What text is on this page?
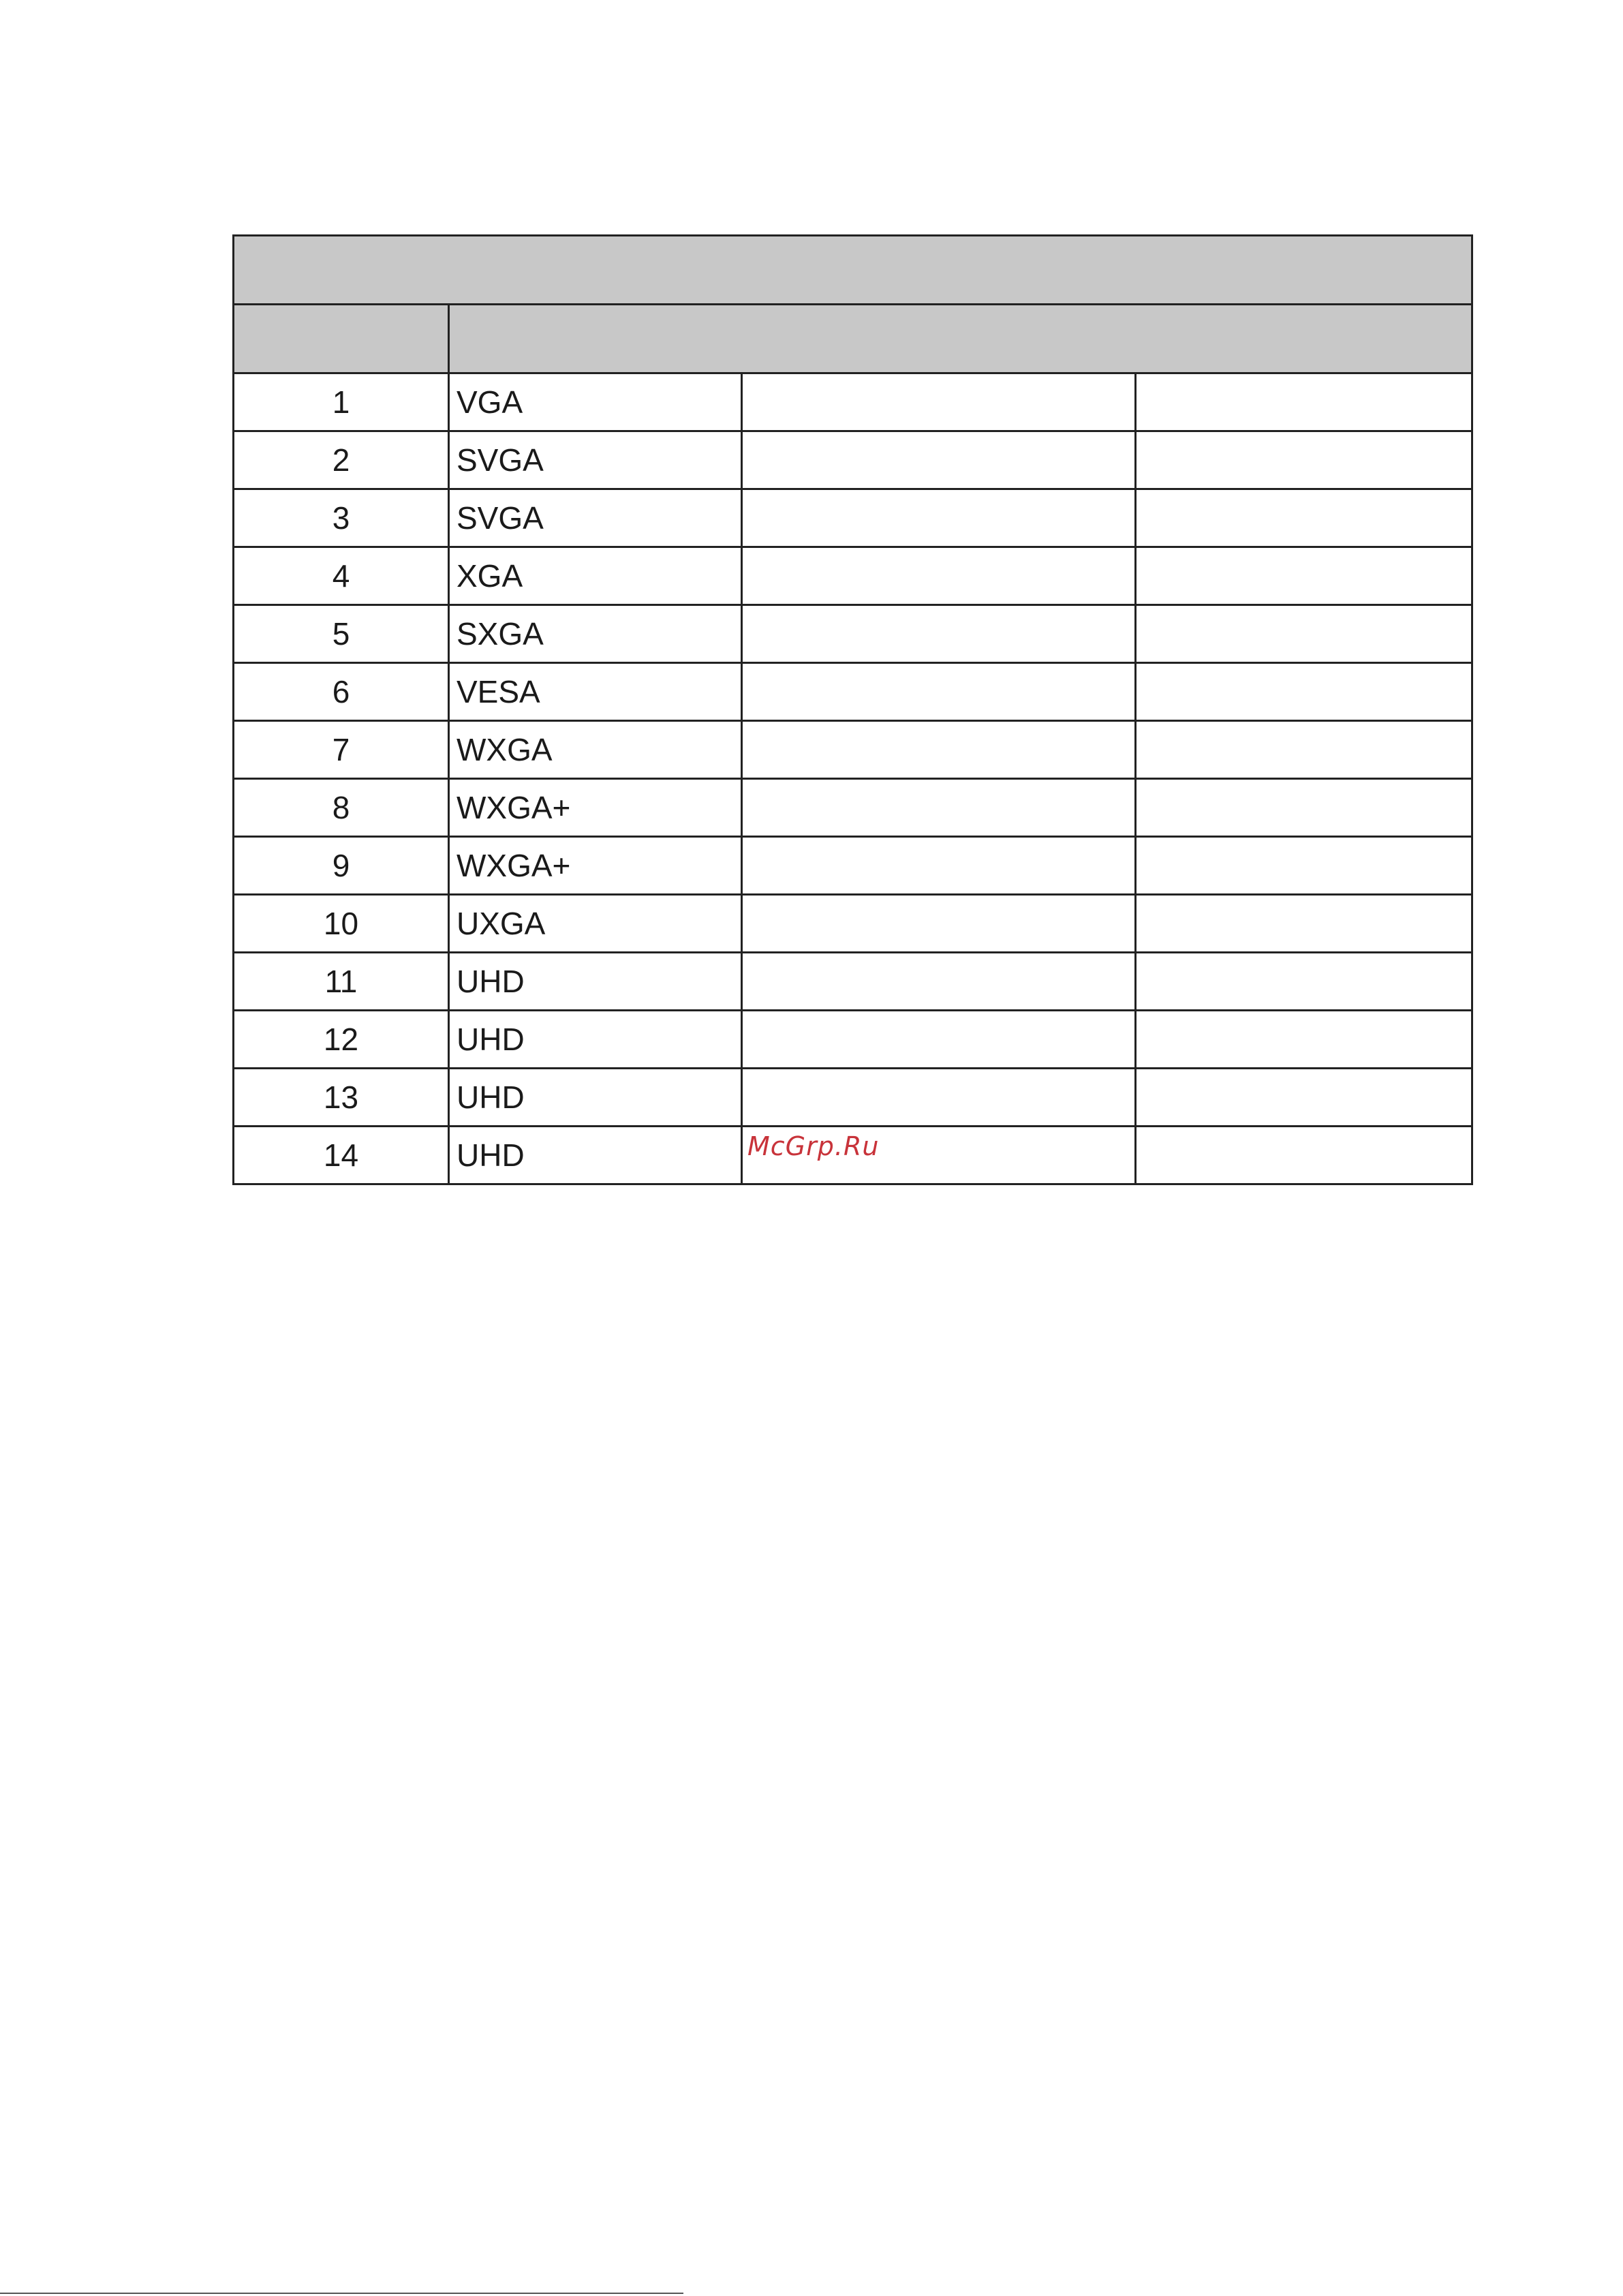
1	VGA		
2	SVGA		
3	SVGA		
4	XGA		
5	SXGA		
6	VESA		
7	WXGA		
8	WXGA+		
9	WXGA+		
10	UXGA		
11	UHD		
12	UHD		
13	UHD		
14	UHD			McGrp.Ru
